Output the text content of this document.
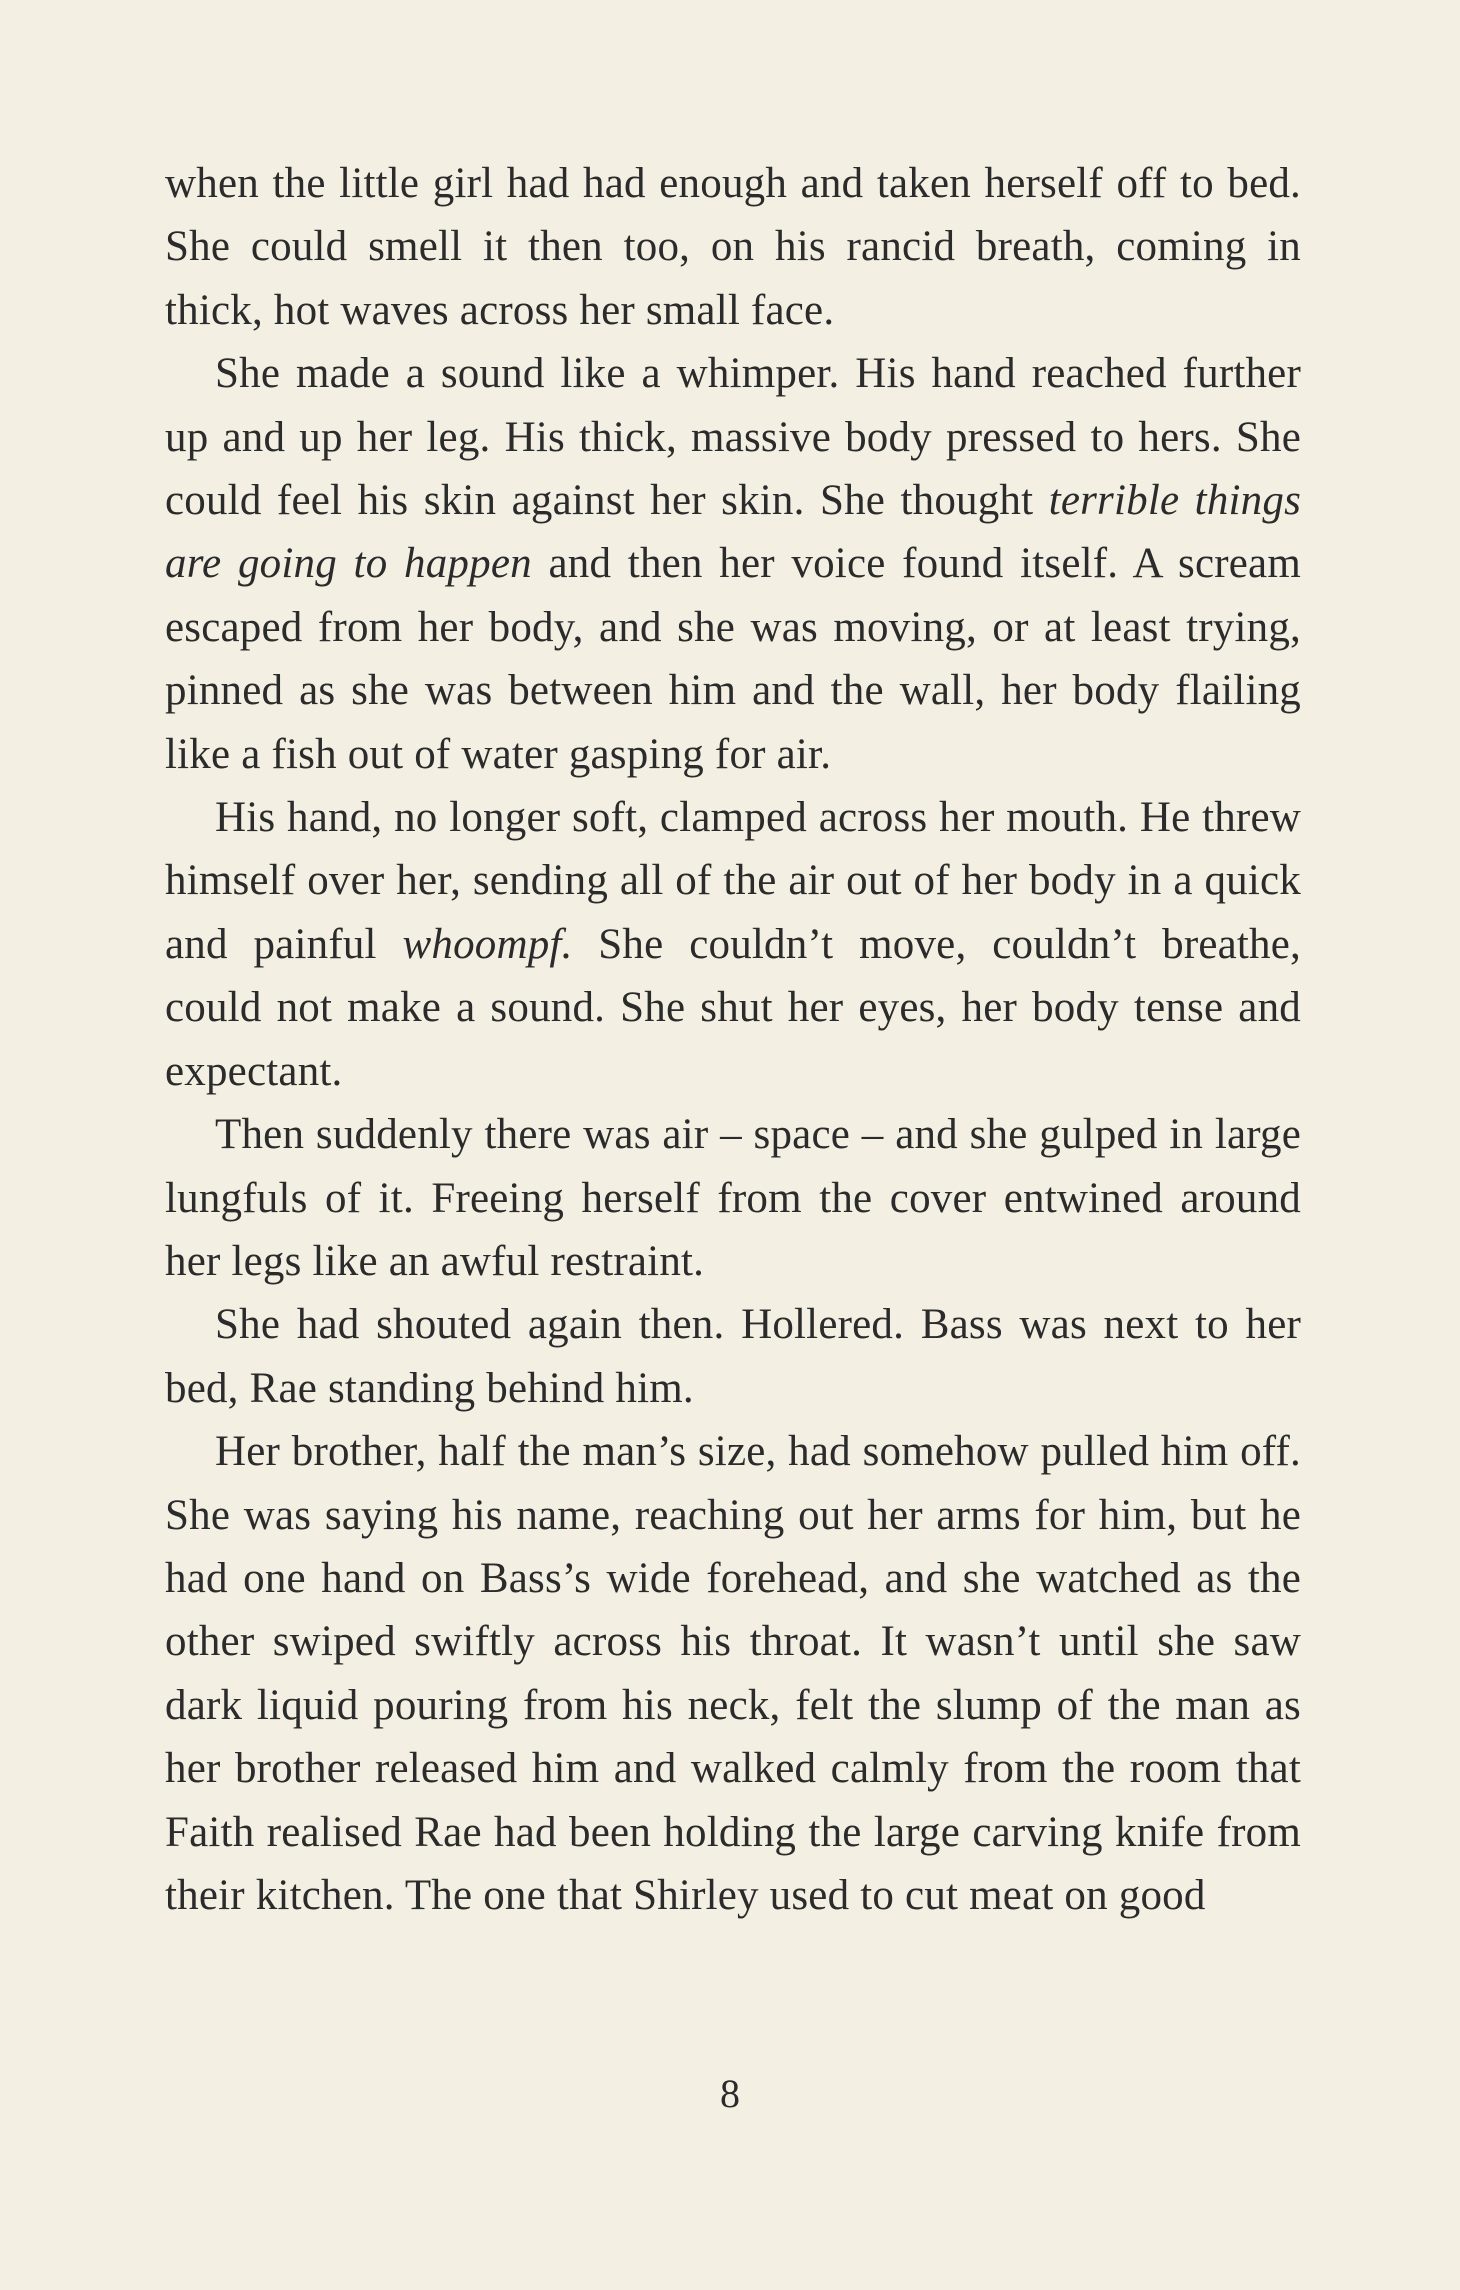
when the little girl had had enough and taken herself off to bed. She could smell it then too, on his rancid breath, coming in thick, hot waves across her small face.

She made a sound like a whimper. His hand reached further up and up her leg. His thick, massive body pressed to hers. She could feel his skin against her skin. She thought terrible things are going to happen and then her voice found itself. A scream escaped from her body, and she was moving, or at least trying, pinned as she was between him and the wall, her body flailing like a fish out of water gasping for air.

His hand, no longer soft, clamped across her mouth. He threw himself over her, sending all of the air out of her body in a quick and painful whoompf. She couldn’t move, couldn’t breathe, could not make a sound. She shut her eyes, her body tense and expectant.

Then suddenly there was air – space – and she gulped in large lungfuls of it. Freeing herself from the cover entwined around her legs like an awful restraint.

She had shouted again then. Hollered. Bass was next to her bed, Rae standing behind him.

Her brother, half the man’s size, had somehow pulled him off. She was saying his name, reaching out her arms for him, but he had one hand on Bass’s wide forehead, and she watched as the other swiped swiftly across his throat. It wasn’t until she saw dark liquid pouring from his neck, felt the slump of the man as her brother released him and walked calmly from the room that Faith realised Rae had been holding the large carving knife from their kitchen. The one that Shirley used to cut meat on good

8
